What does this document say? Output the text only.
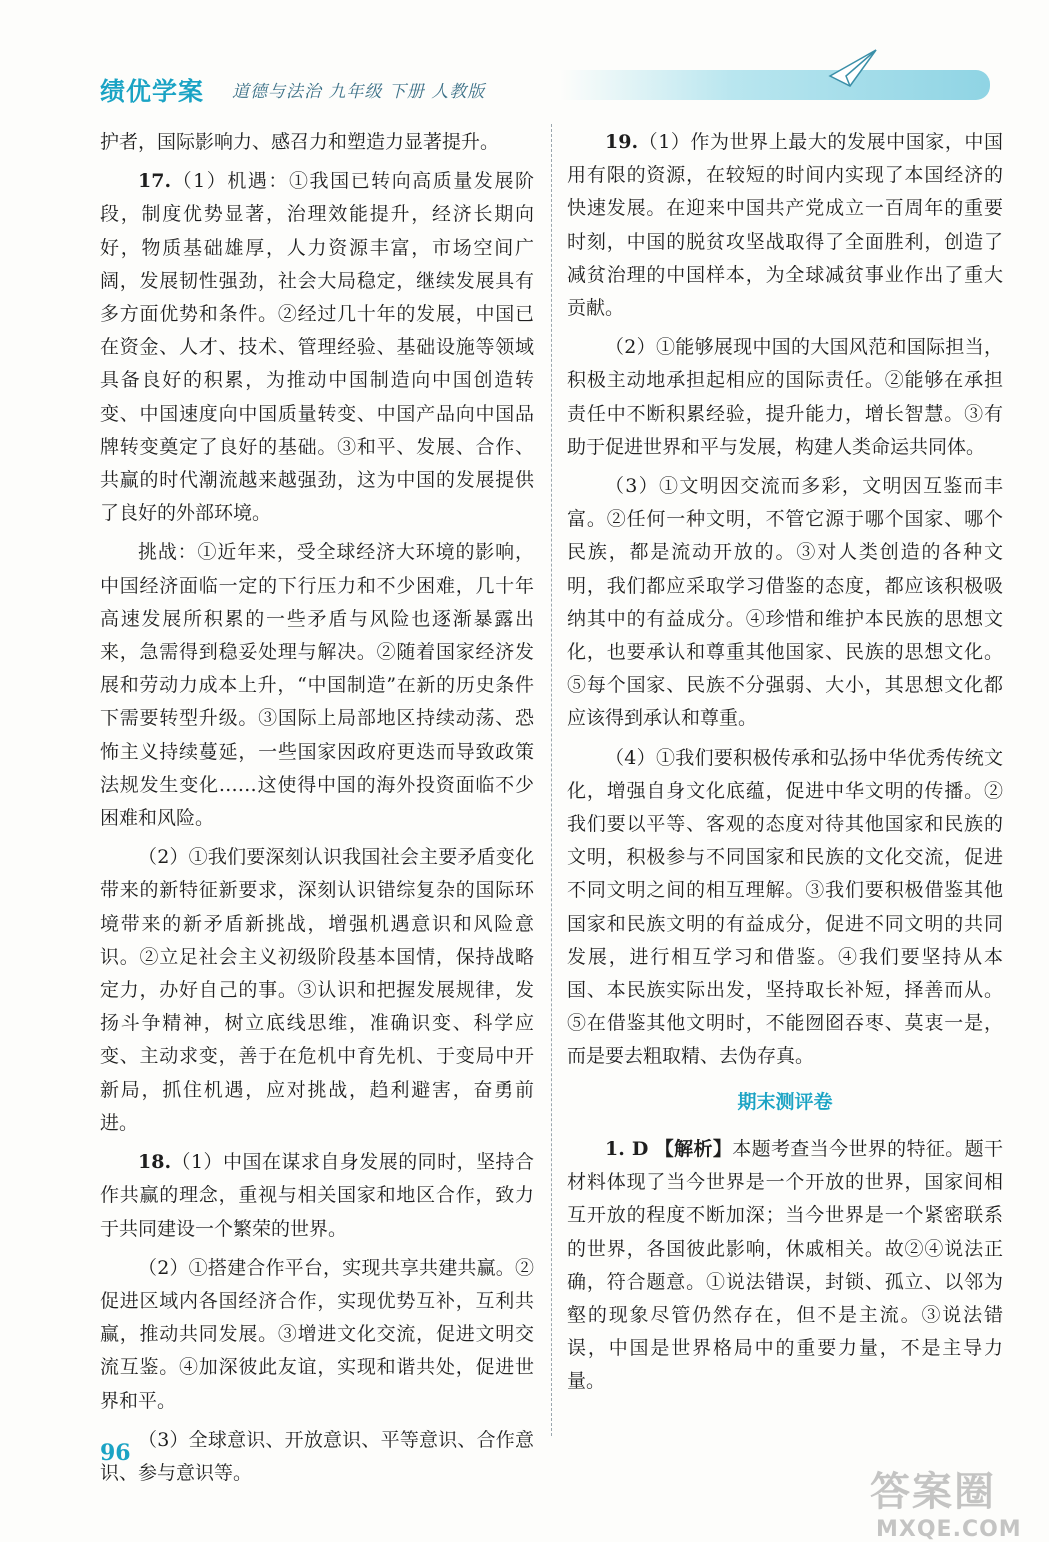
绩优学案 道德与法治 九年级 下册 人教版

护者，国际影响力、感召力和塑造力显著提升。

17.（1）机遇：①我国已转向高质量发展阶段，制度优势显著，治理效能提升，经济长期向好，物质基础雄厚，人力资源丰富，市场空间广阔，发展韧性强劲，社会大局稳定，继续发展具有多方面优势和条件。②经过几十年的发展，中国已在资金、人才、技术、管理经验、基础设施等领域具备良好的积累，为推动中国制造向中国创造转变、中国速度向中国质量转变、中国产品向中国品牌转变奠定了良好的基础。③和平、发展、合作、共赢的时代潮流越来越强劲，这为中国的发展提供了良好的外部环境。

挑战：①近年来，受全球经济大环境的影响，中国经济面临一定的下行压力和不少困难，几十年高速发展所积累的一些矛盾与风险也逐渐暴露出来，急需得到稳妥处理与解决。②随着国家经济发展和劳动力成本上升，“中国制造”在新的历史条件下需要转型升级。③国际上局部地区持续动荡、恐怖主义持续蔓延，一些国家因政府更迭而导致政策法规发生变化……这使得中国的海外投资面临不少困难和风险。

（2）①我们要深刻认识我国社会主要矛盾变化带来的新特征新要求，深刻认识错综复杂的国际环境带来的新矛盾新挑战，增强机遇意识和风险意识。②立足社会主义初级阶段基本国情，保持战略定力，办好自己的事。③认识和把握发展规律，发扬斗争精神，树立底线思维，准确识变、科学应变、主动求变，善于在危机中育先机、于变局中开新局，抓住机遇，应对挑战，趋利避害，奋勇前进。

18.（1）中国在谋求自身发展的同时，坚持合作共赢的理念，重视与相关国家和地区合作，致力于共同建设一个繁荣的世界。

（2）①搭建合作平台，实现共享共建共赢。②促进区域内各国经济合作，实现优势互补，互利共赢，推动共同发展。③增进文化交流，促进文明交流互鉴。④加深彼此友谊，实现和谐共处，促进世界和平。

（3）全球意识、开放意识、平等意识、合作意识、参与意识等。

19.（1）作为世界上最大的发展中国家，中国用有限的资源，在较短的时间内实现了本国经济的快速发展。在迎来中国共产党成立一百周年的重要时刻，中国的脱贫攻坚战取得了全面胜利，创造了减贫治理的中国样本，为全球减贫事业作出了重大贡献。

（2）①能够展现中国的大国风范和国际担当，积极主动地承担起相应的国际责任。②能够在承担责任中不断积累经验，提升能力，增长智慧。③有助于促进世界和平与发展，构建人类命运共同体。

（3）①文明因交流而多彩，文明因互鉴而丰富。②任何一种文明，不管它源于哪个国家、哪个民族，都是流动开放的。③对人类创造的各种文明，我们都应采取学习借鉴的态度，都应该积极吸纳其中的有益成分。④珍惜和维护本民族的思想文化，也要承认和尊重其他国家、民族的思想文化。⑤每个国家、民族不分强弱、大小，其思想文化都应该得到承认和尊重。

（4）①我们要积极传承和弘扬中华优秀传统文化，增强自身文化底蕴，促进中华文明的传播。②我们要以平等、客观的态度对待其他国家和民族的文明，积极参与不同国家和民族的文化交流，促进不同文明之间的相互理解。③我们要积极借鉴其他国家和民族文明的有益成分，促进不同文明的共同发展，进行相互学习和借鉴。④我们要坚持从本国、本民族实际出发，坚持取长补短，择善而从。⑤在借鉴其他文明时，不能囫囵吞枣、莫衷一是，而是要去粗取精、去伪存真。

期末测评卷

1. D 【解析】本题考查当今世界的特征。题干材料体现了当今世界是一个开放的世界，国家间相互开放的程度不断加深；当今世界是一个紧密联系的世界，各国彼此影响，休戚相关。故②④说法正确，符合题意。①说法错误，封锁、孤立、以邻为壑的现象尽管仍然存在，但不是主流。③说法错误，中国是世界格局中的重要力量，不是主导力量。

96
答案圈
MXQE.COM
